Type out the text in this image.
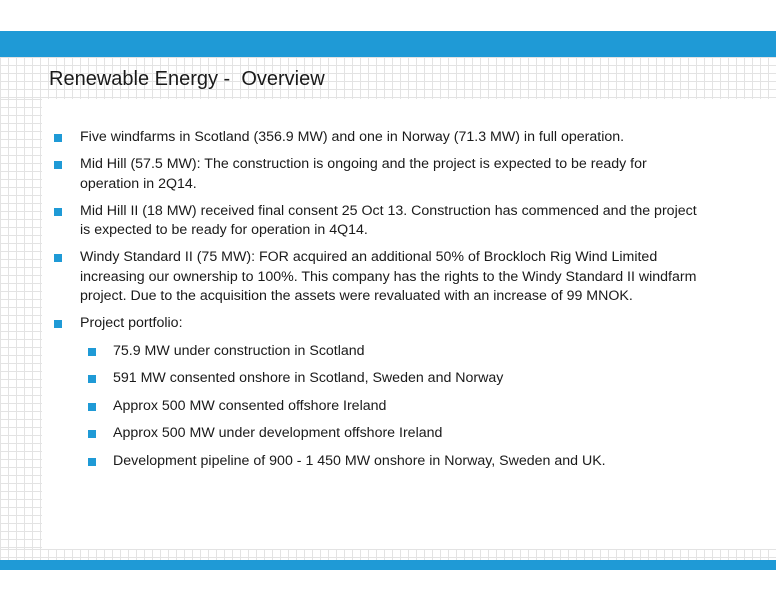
Renewable Energy -  Overview
Five windfarms in Scotland (356.9 MW) and one in Norway (71.3 MW) in full operation.
Mid Hill (57.5 MW): The construction is ongoing and the project is expected to be ready for
operation in 2Q14.
Mid Hill II (18 MW) received final consent 25 Oct 13. Construction has commenced and the project
is expected to be ready for operation in 4Q14.
Windy Standard II (75 MW): FOR acquired an additional 50% of Brockloch Rig Wind Limited
increasing our ownership to 100%. This company has the rights to the Windy Standard II windfarm
project. Due to the acquisition the assets were revaluated with an increase of 99 MNOK.
Project portfolio:
75.9 MW under construction in Scotland
591 MW consented onshore in Scotland, Sweden and Norway
Approx 500 MW consented offshore Ireland
Approx 500 MW under development offshore Ireland
Development pipeline of 900 - 1 450 MW onshore in Norway, Sweden and UK.
